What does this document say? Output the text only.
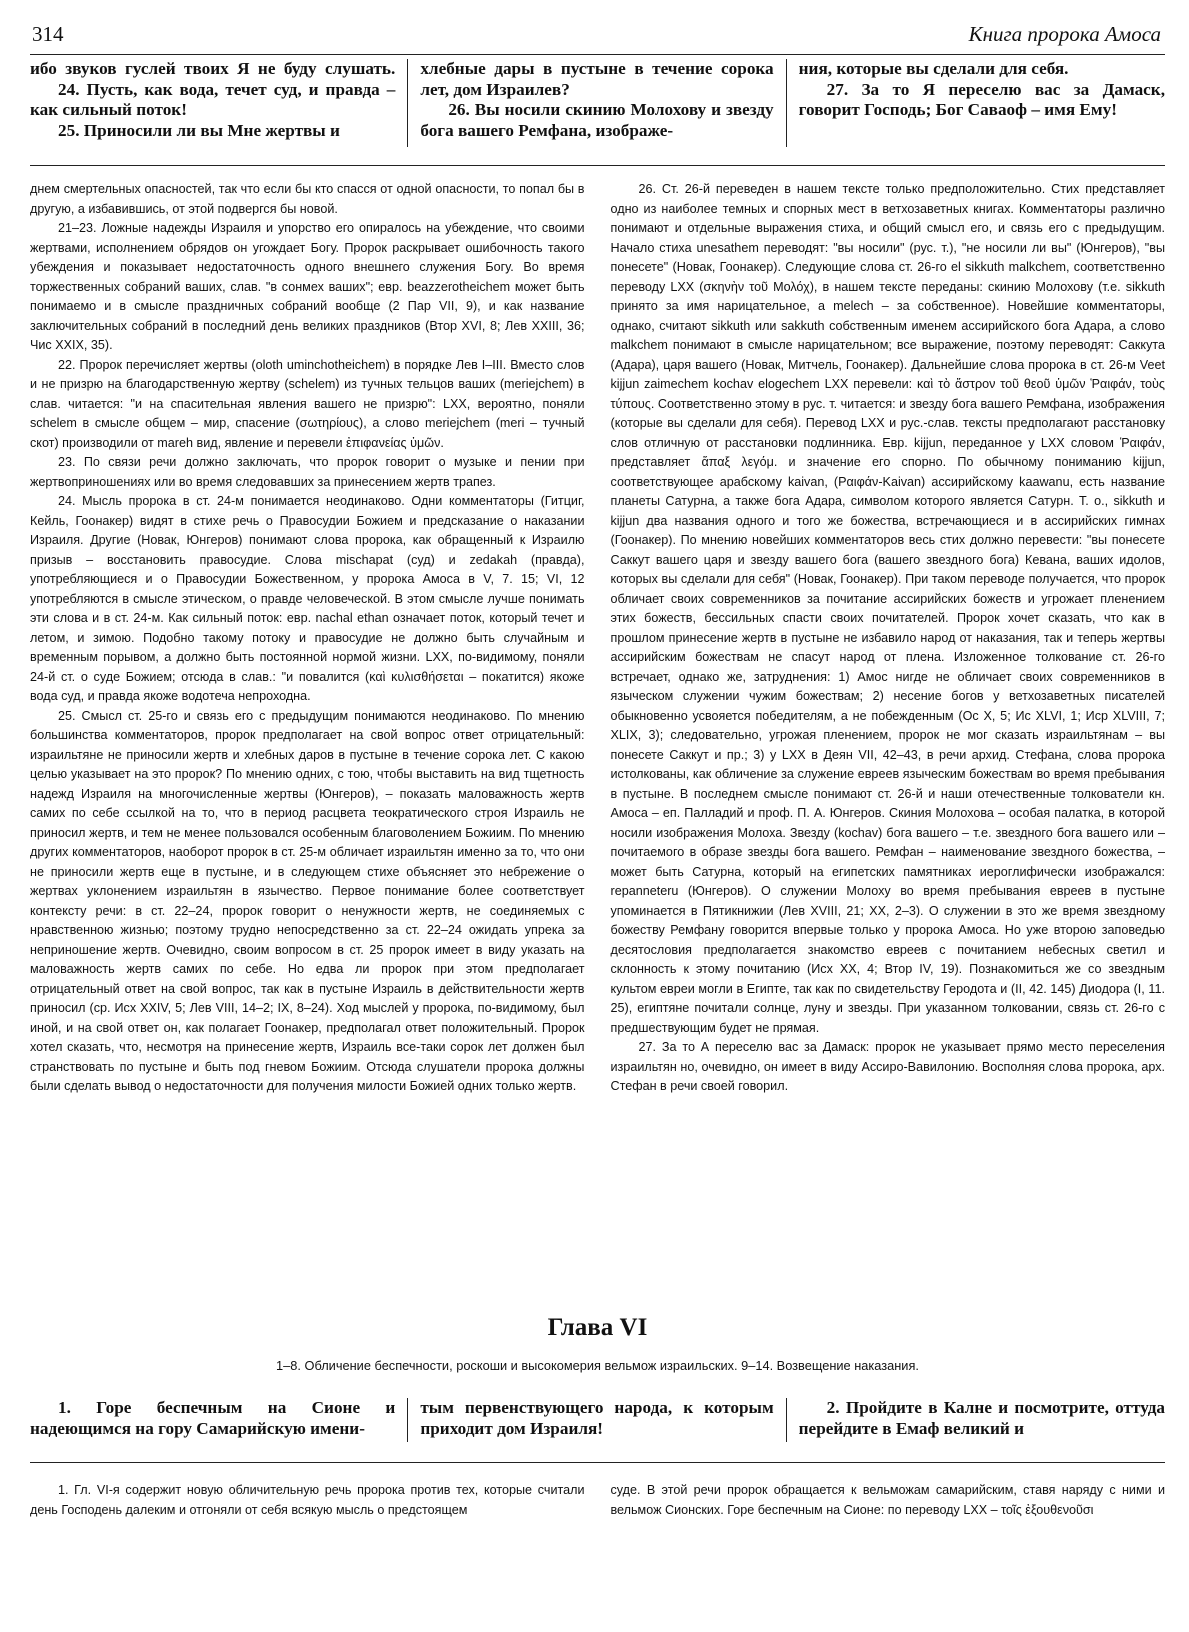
314	Книга пророка Амоса

ибо звуков гуслей твоих Я не буду слушать.

24. Пусть, как вода, течет суд, и правда – как сильный поток!

25. Приносили ли вы Мне жертвы и

хлебные дары в пустыне в течение сорока лет, дом Израилев?

26. Вы носили скинию Молохову и звезду бога вашего Ремфана, изображе-

ния, которые вы сделали для себя.

27. За то Я переселю вас за Дамаск, говорит Господь; Бог Саваоф – имя Ему!

днем смертельных опасностей, так что если бы кто спасся от одной опасности, то попал бы в другую, а избавившись, от этой подвергся бы новой.

21–23. Ложные надежды Израиля и упорство его опиралось на убеждение, что своими жертвами, исполнением обрядов он угождает Богу. Пророк раскрывает ошибочность такого убеждения и показывает недостаточность одного внешнего служения Богу. Во время торжественных собраний ваших, слав. "в сонмех ваших"; евр. beazzerotheichem может быть понимаемо и в смысле праздничных собраний вообще (2 Пар VII, 9), и как название заключительных собраний в последний день великих праздников (Втор XVI, 8; Лев XXIII, 36; Чис XXIX, 35).

22. Пророк перечисляет жертвы (oloth uminchotheichem) в порядке Лев I–III. Вместо слов и не призрю на благодарственную жертву (schelem) из тучных тельцов ваших (meriejchem) в слав. читается: "и на спасительная явления вашего не призрю": LXX, вероятно, поняли schelem в смысле общем – мир, спасение (σωτηρίους), а слово meriejchem (meri – тучный скот) производили от mareh вид, явление и перевели ἐπιφανείας ὑμῶν.

23. По связи речи должно заключать, что пророк говорит о музыке и пении при жертвоприношениях или во время следовавших за принесением жертв трапез.

24. Мысль пророка в ст. 24-м понимается неодинаково. Одни комментаторы (Гитциг, Кейль, Гоонакер) видят в стихе речь о Правосудии Божием и предсказание о наказании Израиля. Другие (Новак, Юнгеров) понимают слова пророка, как обращенный к Израилю призыв – восстановить правосудие. Слова mischapat (суд) и zedakah (правда), употребляющиеся и о Правосудии Божественном, у пророка Амоса в V, 7. 15; VI, 12 употребляются в смысле этическом, о правде человеческой. В этом смысле лучше понимать эти слова и в ст. 24-м. Как сильный поток: евр. nachal ethan означает поток, который течет и летом, и зимою. Подобно такому потоку и правосудие не должно быть случайным и временным порывом, а должно быть постоянной нормой жизни. LXX, по-видимому, поняли 24-й ст. о суде Божием; отсюда в слав.: "и повалится (καὶ κυλισθήσεται – покатится) якоже вода суд, и правда якоже водотеча непроходна.

25. Смысл ст. 25-го и связь его с предыдущим понимаются неодинаково. По мнению большинства комментаторов, пророк предполагает на свой вопрос ответ отрицательный: израильтяне не приносили жертв и хлебных даров в пустыне в течение сорока лет. С какою целью указывает на это пророк? По мнению одних, с тою, чтобы выставить на вид тщетность надежд Израиля на многочисленные жертвы (Юнгеров), – показать маловажность жертв самих по себе ссылкой на то, что в период расцвета теократического строя Израиль не приносил жертв, и тем не менее пользовался особенным благоволением Божиим. По мнению других комментаторов, наоборот пророк в ст. 25-м обличает израильтян именно за то, что они не приносили жертв еще в пустыне, и в следующем стихе объясняет это небрежение о жертвах уклонением израильтян в язычество. Первое понимание более соответствует контексту речи: в ст. 22–24, пророк говорит о ненужности жертв, не соединяемых с нравственною жизнью; поэтому трудно непосредственно за ст. 22–24 ожидать упрека за неприношение жертв. Очевидно, своим вопросом в ст. 25 пророк имеет в виду указать на маловажность жертв самих по себе. Но едва ли пророк при этом предполагает отрицательный ответ на свой вопрос, так как в пустыне Израиль в действительности жертв приносил (ср. Исх XXIV, 5; Лев VIII, 14–2; IX, 8–24). Ход мыслей у пророка, по-видимому, был иной, и на свой ответ он, как полагает Гоонакер, предполагал ответ положительный. Пророк хотел сказать, что, несмотря на принесение жертв, Израиль все-таки сорок лет должен был странствовать по пустыне и быть под гневом Божиим. Отсюда слушатели пророка должны были сделать вывод о недостаточности для получения милости Божией одних только жертв.

26. Ст. 26-й переведен в нашем тексте только предположительно. Стих представляет одно из наиболее темных и спорных мест в ветхозаветных книгах. Комментаторы различно понимают и отдельные выражения стиха, и общий смысл его, и связь его с предыдущим. Начало стиха unesathem переводят: "вы носили" (рус. т.), "не носили ли вы" (Юнгеров), "вы понесете" (Новак, Гоонакер). Следующие слова ст. 26-го el sikkuth malkchem, соответственно переводу LXX (σκηνὴν τοῦ Μολόχ), в нашем тексте переданы: скинию Молохову (т.е. sikkuth принято за имя нарицательное, а melech – за собственное). Новейшие комментаторы, однако, считают sikkuth или sakkuth собственным именем ассирийского бога Адара, а слово malkchem понимают в смысле нарицательном; все выражение, поэтому переводят: Саккута (Адара), царя вашего (Новак, Митчель, Гоонакер). Дальнейшие слова пророка в ст. 26-м Veet kijjun zaimechem kochav elogechem LXX перевели: καὶ τὸ ἄστρον τοῦ θεοῦ ὑμῶν Ῥαιφάν, τοὺς τύπους. Соответственно этому в рус. т. читается: и звезду бога вашего Ремфана, изображения (которые вы сделали для себя). Перевод LXX и рус.-слав. тексты предполагают расстановку слов отличную от расстановки подлинника. Евр. kijjun, переданное у LXX словом Ῥαιφάν, представляет ἅπαξ λεγόμ. и значение его спорно. По обычному пониманию kijjun, соответствующее арабскому kaivan, (Ραιφάν-Kaivan) ассирийскому kaawanu, есть название планеты Сатурна, а также бога Адара, символом которого является Сатурн. Т. о., sikkuth и kijjun два названия одного и того же божества, встречающиеся и в ассирийских гимнах (Гоонакер). По мнению новейших комментаторов весь стих должно перевести: "вы понесете Саккут вашего царя и звезду вашего бога (вашего звездного бога) Кевана, ваших идолов, которых вы сделали для себя" (Новак, Гоонакер). При таком переводе получается, что пророк обличает своих современников за почитание ассирийских божеств и угрожает пленением этих божеств, бессильных спасти своих почитателей. Пророк хочет сказать, что как в прошлом принесение жертв в пустыне не избавило народ от наказания, так и теперь жертвы ассирийским божествам не спасут народ от плена. Изложенное толкование ст. 26-го встречает, однако же, затруднения: 1) Амос нигде не обличает своих современников в языческом служении чужим божествам; 2) несение богов у ветхозаветных писателей обыкновенно усвояется победителям, а не побежденным (Ос X, 5; Ис XLVI, 1; Иср XLVIII, 7; XLIX, 3); следовательно, угрожая пленением, пророк не мог сказать израильтянам – вы понесете Саккут и пр.; 3) у LXX в Деян VII, 42–43, в речи архид. Стефана, слова пророка истолкованы, как обличение за служение евреев языческим божествам во время пребывания в пустыне. В последнем смысле понимают ст. 26-й и наши отечественные толкователи кн. Амоса – еп. Палладий и проф. П. А. Юнгеров. Скиния Молохова – особая палатка, в которой носили изображения Молоха. Звезду (kochav) бога вашего – т.е. звездного бога вашего или – почитаемого в образе звезды бога вашего. Ремфан – наименование звездного божества, – может быть Сатурна, который на египетских памятниках иероглифически изображался: repanneteru (Юнгеров). О служении Молоху во время пребывания евреев в пустыне упоминается в Пятикнижии (Лев XVIII, 21; XX, 2–3). О служении в это же время звездному божеству Ремфану говорится впервые только у пророка Амоса. Но уже второю заповедью десятословия предполагается знакомство евреев с почитанием небесных светил и склонность к этому почитанию (Исх XX, 4; Втор IV, 19). Познакомиться же со звездным культом евреи могли в Египте, так как по свидетельству Геродота и (II, 42. 145) Диодора (I, 11. 25), египтяне почитали солнце, луну и звезды. При указанном толковании, связь ст. 26-го с предшествующим будет не прямая.

27. За то А переселю вас за Дамаск: пророк не указывает прямо место переселения израильтян но, очевидно, он имеет в виду Ассиро-Вавилонию. Восполняя слова пророка, арх. Стефан в речи своей говорил.

Глава VI
1–8. Обличение беспечности, роскоши и высокомерия вельмож израильских. 9–14. Возвещение наказания.

1. Горе беспечным на Сионе и надеющимся на гору Самарийскую имени-

тым первенствующего народа, к которым приходит дом Израиля!

2. Пройдите в Калне и посмотрите, оттуда перейдите в Емаф великий и

1. Гл. VI-я содержит новую обличительную речь пророка против тех, которые считали день Господень далеким и отгоняли от себя всякую мысль о предстоящем

суде. В этой речи пророк обращается к вельможам самарийским, ставя наряду с ними и вельмож Сионских. Горе беспечным на Сионе: по переводу LXX – τοῖς ἐξουθενοῦσι
